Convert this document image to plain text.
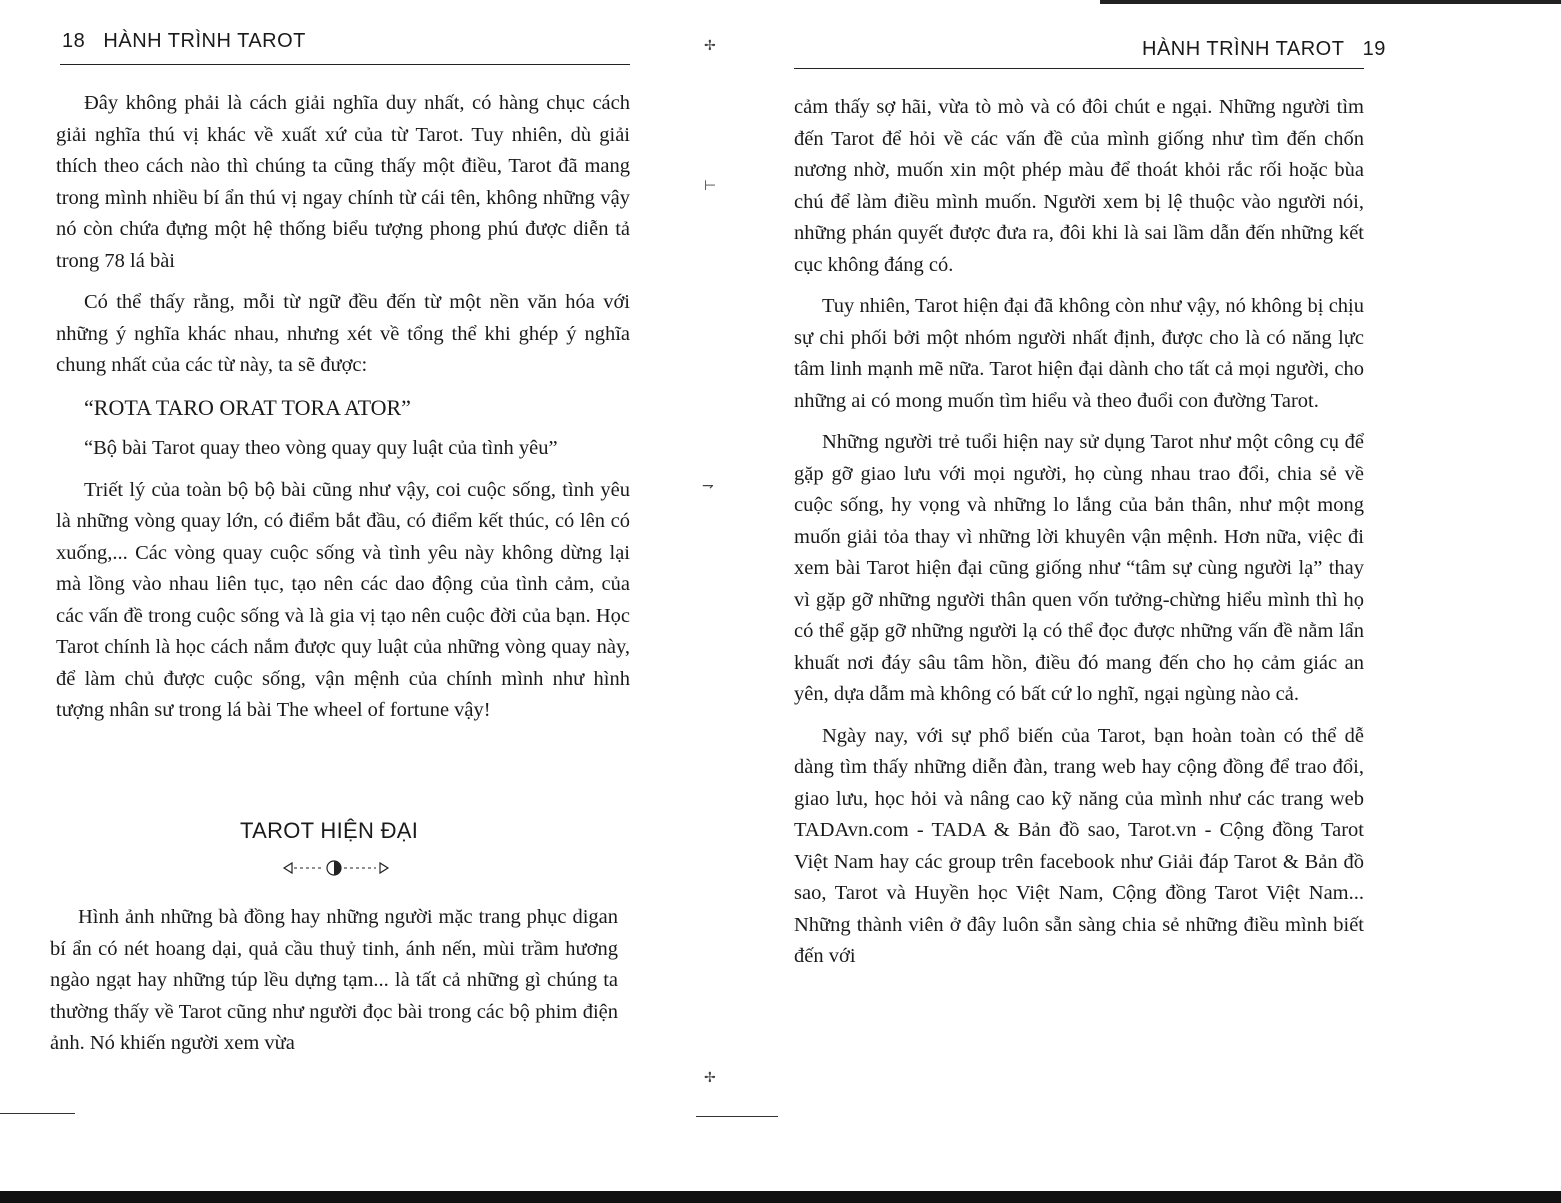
✢
⊢
⇁
✢
18 HÀNH TRÌNH TAROT

Đây không phải là cách giải nghĩa duy nhất, có hàng chục cách giải nghĩa thú vị khác về xuất xứ của từ Tarot. Tuy nhiên, dù giải thích theo cách nào thì chúng ta cũng thấy một điều, Tarot đã mang trong mình nhiều bí ẩn thú vị ngay chính từ cái tên, không những vậy nó còn chứa đựng một hệ thống biểu tượng phong phú được diễn tả trong 78 lá bài

Có thể thấy rằng, mỗi từ ngữ đều đến từ một nền văn hóa với những ý nghĩa khác nhau, nhưng xét về tổng thể khi ghép ý nghĩa chung nhất của các từ này, ta sẽ được:

“ROTA TARO ORAT TORA ATOR”

“Bộ bài Tarot quay theo vòng quay quy luật của tình yêu”

Triết lý của toàn bộ bộ bài cũng như vậy, coi cuộc sống, tình yêu là những vòng quay lớn, có điểm bắt đầu, có điểm kết thúc, có lên có xuống,... Các vòng quay cuộc sống và tình yêu này không dừng lại mà lồng vào nhau liên tục, tạo nên các dao động của tình cảm, của các vấn đề trong cuộc sống và là gia vị tạo nên cuộc đời của bạn. Học Tarot chính là học cách nắm được quy luật của những vòng quay này, để làm chủ được cuộc sống, vận mệnh của chính mình như hình tượng nhân sư trong lá bài The wheel of fortune vậy!

TAROT HIỆN ĐẠI

Hình ảnh những bà đồng hay những người mặc trang phục digan bí ẩn có nét hoang dại, quả cầu thuỷ tinh, ánh nến, mùi trầm hương ngào ngạt hay những túp lều dựng tạm... là tất cả những gì chúng ta thường thấy về Tarot cũng như người đọc bài trong các bộ phim điện ảnh. Nó khiến người xem vừa

HÀNH TRÌNH TAROT 19

cảm thấy sợ hãi, vừa tò mò và có đôi chút e ngại. Những người tìm đến Tarot để hỏi về các vấn đề của mình giống như tìm đến chốn nương nhờ, muốn xin một phép màu để thoát khỏi rắc rối hoặc bùa chú để làm điều mình muốn. Người xem bị lệ thuộc vào người nói, những phán quyết được đưa ra, đôi khi là sai lầm dẫn đến những kết cục không đáng có.

Tuy nhiên, Tarot hiện đại đã không còn như vậy, nó không bị chịu sự chi phối bởi một nhóm người nhất định, được cho là có năng lực tâm linh mạnh mẽ nữa. Tarot hiện đại dành cho tất cả mọi người, cho những ai có mong muốn tìm hiểu và theo đuổi con đường Tarot.

Những người trẻ tuổi hiện nay sử dụng Tarot như một công cụ để gặp gỡ giao lưu với mọi người, họ cùng nhau trao đổi, chia sẻ về cuộc sống, hy vọng và những lo lắng của bản thân, như một mong muốn giải tỏa thay vì những lời khuyên vận mệnh. Hơn nữa, việc đi xem bài Tarot hiện đại cũng giống như “tâm sự cùng người lạ” thay vì gặp gỡ những người thân quen vốn tưởng-chừng hiểu mình thì họ có thể gặp gỡ những người lạ có thể đọc được những vấn đề nằm lẩn khuất nơi đáy sâu tâm hồn, điều đó mang đến cho họ cảm giác an yên, dựa dẫm mà không có bất cứ lo nghĩ, ngại ngùng nào cả.

Ngày nay, với sự phổ biến của Tarot, bạn hoàn toàn có thể dễ dàng tìm thấy những diễn đàn, trang web hay cộng đồng để trao đổi, giao lưu, học hỏi và nâng cao kỹ năng của mình như các trang web TADAvn.com - TADA & Bản đồ sao, Tarot.vn - Cộng đồng Tarot Việt Nam hay các group trên facebook như Giải đáp Tarot & Bản đồ sao, Tarot và Huyền học Việt Nam, Cộng đồng Tarot Việt Nam... Những thành viên ở đây luôn sẵn sàng chia sẻ những điều mình biết đến với
